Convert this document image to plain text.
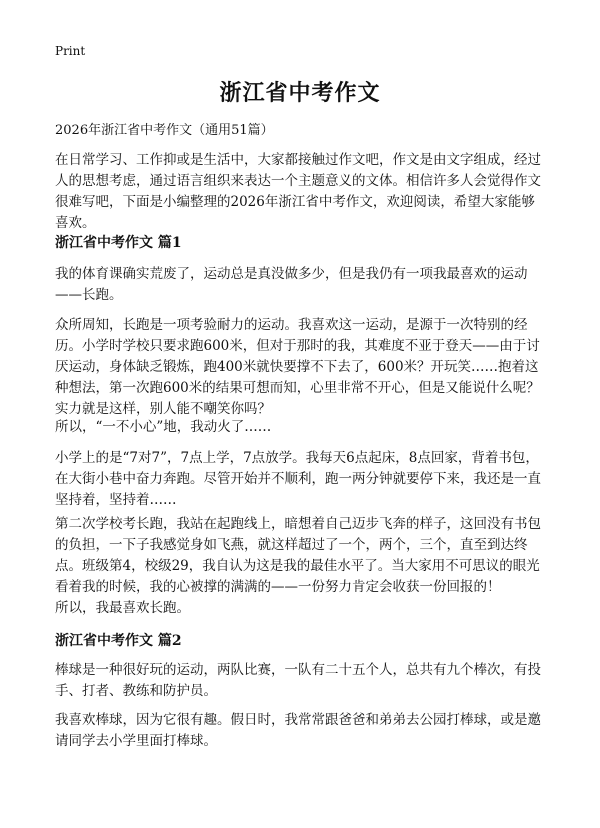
Print
浙江省中考作文
2026年浙江省中考作文（通用51篇）
在日常学习、工作抑或是生活中，大家都接触过作文吧，作文是由文字组成，经过人的思想考虑，通过语言组织来表达一个主题意义的文体。相信许多人会觉得作文很难写吧，下面是小编整理的2026年浙江省中考作文，欢迎阅读，希望大家能够喜欢。
浙江省中考作文 篇1
我的体育课确实荒废了，运动总是真没做多少，但是我仍有一项我最喜欢的运动——长跑。
众所周知，长跑是一项考验耐力的运动。我喜欢这一运动，是源于一次特别的经历。小学时学校只要求跑600米，但对于那时的我，其难度不亚于登天——由于讨厌运动，身体缺乏锻炼，跑400米就快要撑不下去了，600米？开玩笑……抱着这种想法，第一次跑600米的结果可想而知，心里非常不开心，但是又能说什么呢？实力就是这样，别人能不嘲笑你吗？
所以，“一不小心”地，我动火了……
小学上的是“7对7”，7点上学，7点放学。我每天6点起床，8点回家，背着书包，在大街小巷中奋力奔跑。尽管开始并不顺利，跑一两分钟就要停下来，我还是一直坚持着，坚持着……
第二次学校考长跑，我站在起跑线上，暗想着自己迈步飞奔的样子，这回没有书包的负担，一下子我感觉身如飞燕，就这样超过了一个，两个，三个，直至到达终点。班级第4，校级29，我自认为这是我的最佳水平了。当大家用不可思议的眼光看着我的时候，我的心被撑的满满的——一份努力肯定会收获一份回报的！
所以，我最喜欢长跑。
浙江省中考作文 篇2
棒球是一种很好玩的运动，两队比赛，一队有二十五个人，总共有九个棒次，有投手、打者、教练和防护员。
我喜欢棒球，因为它很有趣。假日时，我常常跟爸爸和弟弟去公园打棒球，或是邀请同学去小学里面打棒球。
